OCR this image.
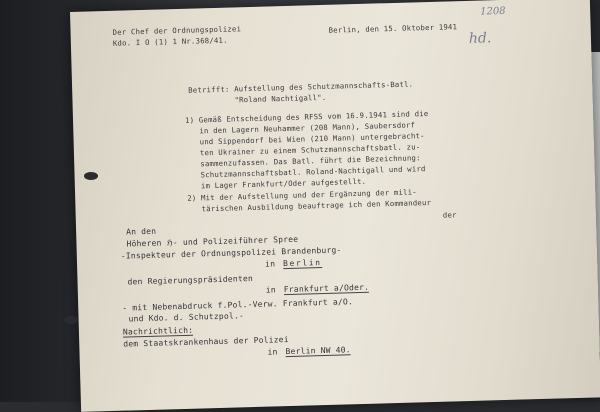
Der Chef der Ordnungspolizei
Kdo. I O (1) 1 Nr.368/41.
Berlin, den 15. Oktober 1941
1208
hd.
Betrifft: Aufstellung des Schutzmannschafts-Batl.
"Roland Nachtigall".
1) Gemäß Entscheidung des RFSS vom 16.9.1941 sind die
in den Lagern Neuhammer (208 Mann), Saubersdorf
und Sippendorf bei Wien (210 Mann) untergebracht-
ten Ukrainer zu einem Schutzmannschaftsbatl. zu-
sammenzufassen. Das Batl. führt die Bezeichnung:
Schutzmannschaftsbatl. Roland-Nachtigall und wird
im Lager Frankfurt/Oder aufgestellt.
2) Mit der Aufstellung und der Ergänzung der mili-
tärischen Ausbildung beauftrage ich den Kommandeur
der
An den
Höheren ℌ- und Polizeiführer Spree
-Inspekteur der Ordnungspolizei Brandenburg-
in Berlin
den Regierungspräsidenten
in Frankfurt a/Oder.
- mit Nebenabdruck f.Pol.-Verw. Frankfurt a/O.
und Kdo. d. Schutzpol.-
Nachrichtlich:
dem Staatskrankenhaus der Polizei
in Berlin NW 40.
